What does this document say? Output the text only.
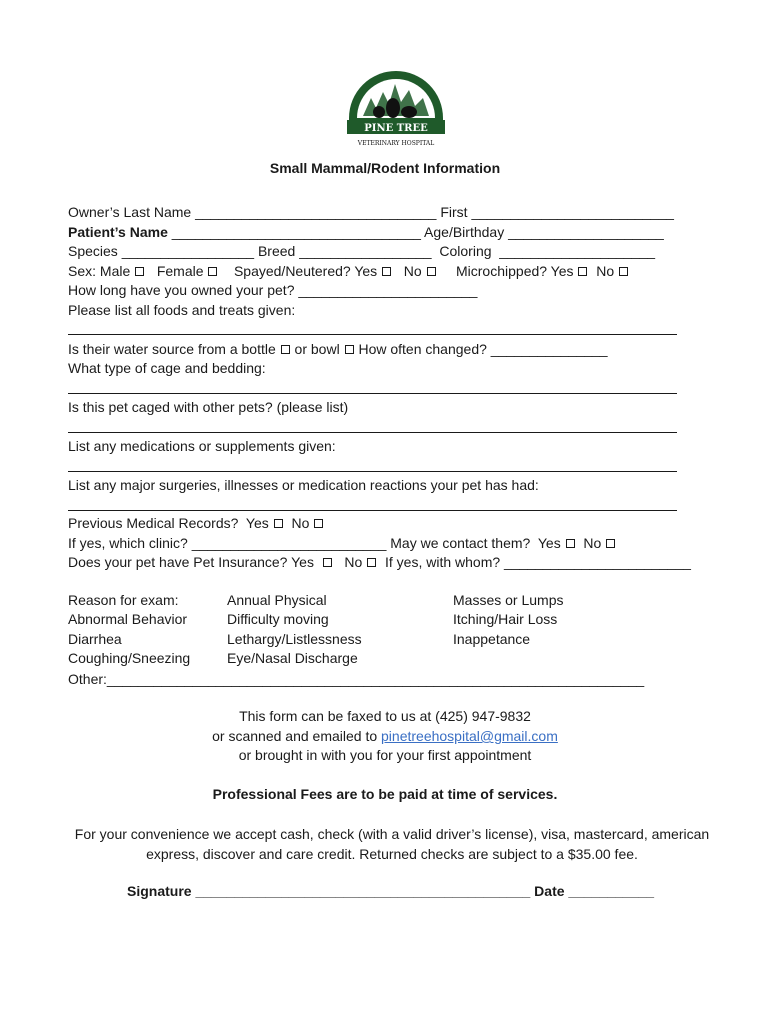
PINE TREE
VETERINARY HOSPITAL
Small Mammal/Rodent Information
Owner’s Last Name _______________________________ First __________________________
Patient’s Name ________________________________ Age/Birthday ____________________
Species _________________ Breed _________________  Coloring  ____________________
Sex: Male Female Spayed/Neutered? Yes No Microchipped? Yes No
How long have you owned your pet? _______________________
Please list all foods and treats given:
Is their water source from a bottle or bowl How often changed? _______________
What type of cage and bedding:
Is this pet caged with other pets? (please list)
List any medications or supplements given:
List any major surgeries, illnesses or medication reactions your pet has had:
Previous Medical Records?  Yes No
If yes, which clinic? _________________________ May we contact them?  Yes No
Does your pet have Pet Insurance? Yes No If yes, with whom? ________________________
Reason for exam:
Abnormal Behavior
Diarrhea
Coughing/Sneezing
Annual Physical
Difficulty moving
Lethargy/Listlessness
Eye/Nasal Discharge
Masses or Lumps
Itching/Hair Loss
Inappetance
Other:_____________________________________________________________________
This form can be faxed to us at (425) 947-9832
or scanned and emailed to pinetreehospital@gmail.com
or brought in with you for your first appointment
Professional Fees are to be paid at time of services.
For your convenience we accept cash, check (with a valid driver’s license), visa, mastercard, american express, discover and care credit. Returned checks are subject to a $35.00 fee.
Signature ___________________________________________ Date ___________
